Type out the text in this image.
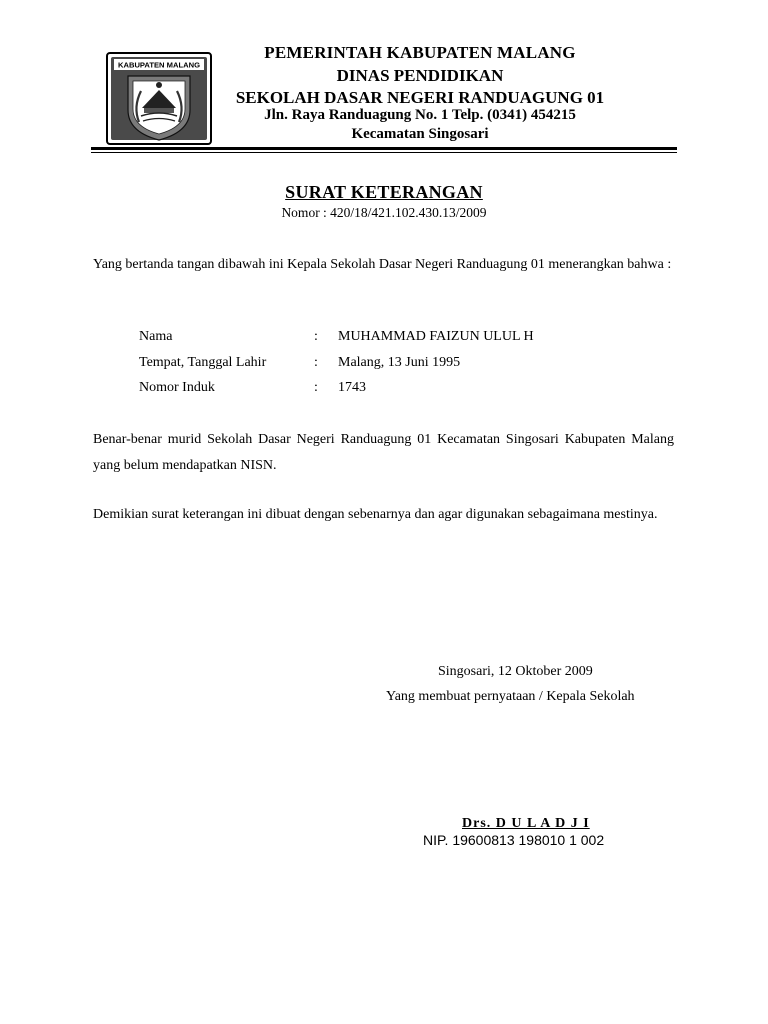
KABUPATEN MALANG
PEMERINTAH KABUPATEN MALANG
DINAS PENDIDIKAN
SEKOLAH DASAR NEGERI RANDUAGUNG 01
Jln. Raya Randuagung No. 1 Telp. (0341) 454215
Kecamatan Singosari
SURAT KETERANGAN
Nomor : 420/18/421.102.430.13/2009
Yang bertanda tangan dibawah ini Kepala Sekolah Dasar Negeri Randuagung 01 menerangkan bahwa :
Nama	: MUHAMMAD FAIZUN ULUL H
Tempat, Tanggal Lahir	: Malang, 13 Juni 1995
Nomor Induk	: 1743
Benar-benar murid Sekolah Dasar Negeri Randuagung 01 Kecamatan Singosari Kabupaten Malang yang belum mendapatkan NISN.
Demikian surat keterangan ini dibuat dengan sebenarnya dan agar digunakan sebagaimana mestinya.
Singosari, 12 Oktober 2009
Yang membuat pernyataan / Kepala Sekolah
Drs. D U L A D J I
NIP. 19600813 198010 1 002
